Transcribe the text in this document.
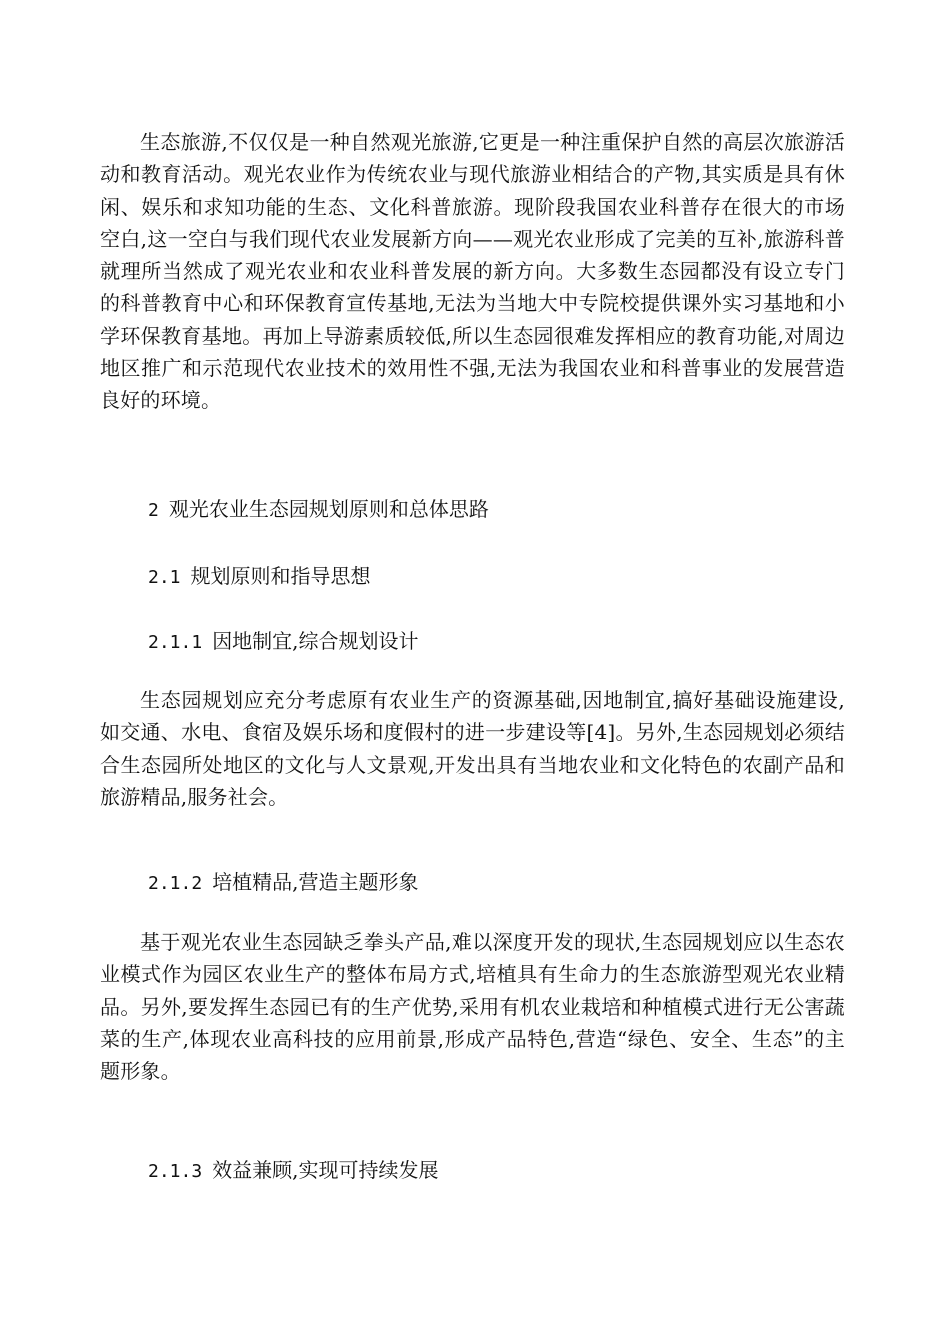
生态旅游,不仅仅是一种自然观光旅游,它更是一种注重保护自然的高层次旅游活动和教育活动。观光农业作为传统农业与现代旅游业相结合的产物,其实质是具有休闲、娱乐和求知功能的生态、文化科普旅游。现阶段我国农业科普存在很大的市场空白,这一空白与我们现代农业发展新方向——观光农业形成了完美的互补,旅游科普就理所当然成了观光农业和农业科普发展的新方向。大多数生态园都没有设立专门的科普教育中心和环保教育宣传基地,无法为当地大中专院校提供课外实习基地和小学环保教育基地。再加上导游素质较低,所以生态园很难发挥相应的教育功能,对周边地区推广和示范现代农业技术的效用性不强,无法为我国农业和科普事业的发展营造良好的环境。

2 观光农业生态园规划原则和总体思路
2.1 规划原则和指导思想
2.1.1 因地制宜,综合规划设计

生态园规划应充分考虑原有农业生产的资源基础,因地制宜,搞好基础设施建设,如交通、水电、食宿及娱乐场和度假村的进一步建设等[4]。另外,生态园规划必须结合生态园所处地区的文化与人文景观,开发出具有当地农业和文化特色的农副产品和旅游精品,服务社会。

2.1.2 培植精品,营造主题形象

基于观光农业生态园缺乏拳头产品,难以深度开发的现状,生态园规划应以生态农业模式作为园区农业生产的整体布局方式,培植具有生命力的生态旅游型观光农业精品。另外,要发挥生态园已有的生产优势,采用有机农业栽培和种植模式进行无公害蔬菜的生产,体现农业高科技的应用前景,形成产品特色,营造“绿色、安全、生态”的主题形象。

2.1.3 效益兼顾,实现可持续发展
